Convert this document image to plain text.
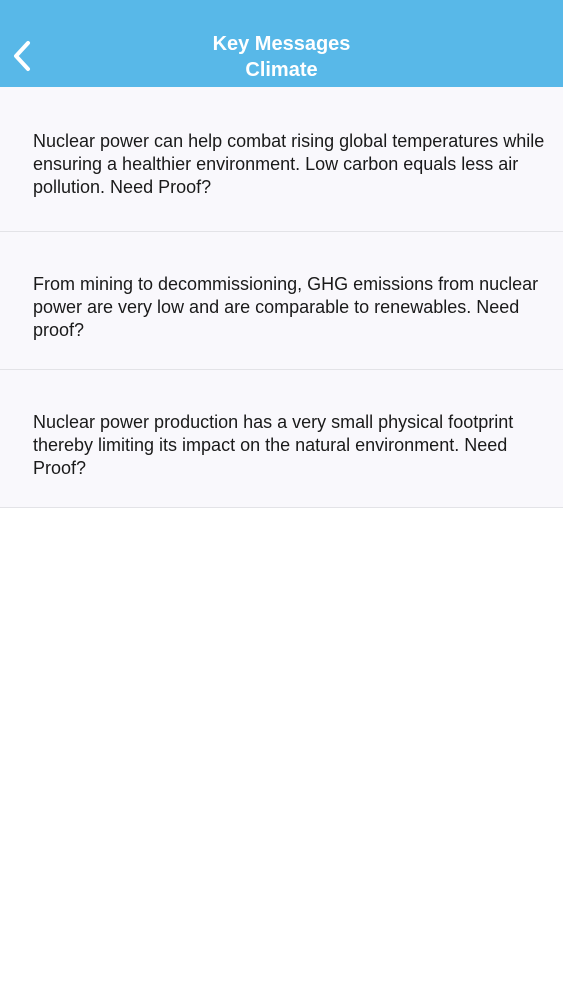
Key Messages
Climate

Nuclear power can help combat rising global temperatures while ensuring a healthier environment. Low carbon equals less air pollution. Need Proof?

From mining to decommissioning, GHG emissions from nuclear power are very low and are comparable to renewables. Need proof?

Nuclear power production has a very small physical footprint thereby limiting its impact on the natural environment. Need Proof?
